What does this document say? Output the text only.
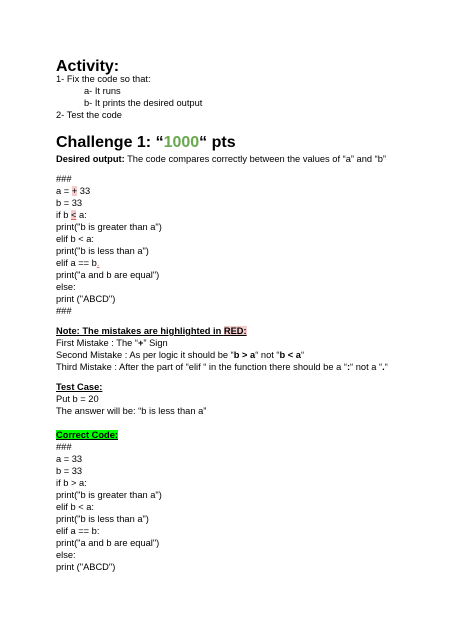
Activity:
1- Fix the code so that:
a- It runs
b- It prints the desired output
2- Test the code
Challenge 1: “1000“ pts
Desired output: The code compares correctly between the values of “a” and “b”
###
a = + 33
b = 33
if b < a:
print("b is greater than a")
elif b < a:
print("b is less than a")
elif a == b.
print("a and b are equal")
else:
print ("ABCD")
###
Note: The mistakes are highlighted in RED:
First Mistake : The “+” Sign
Second Mistake : As per logic it should be “b > a“ not “b < a“
Third Mistake : After the part of “elif “ in the function there should be a “:“ not a “.“
Test Case:
Put b = 20
The answer will be: “b is less than a”
Correct Code:
###
a = 33
b = 33
if b > a:
print("b is greater than a")
elif b < a:
print("b is less than a")
elif a == b:
print("a and b are equal")
else:
print ("ABCD")
